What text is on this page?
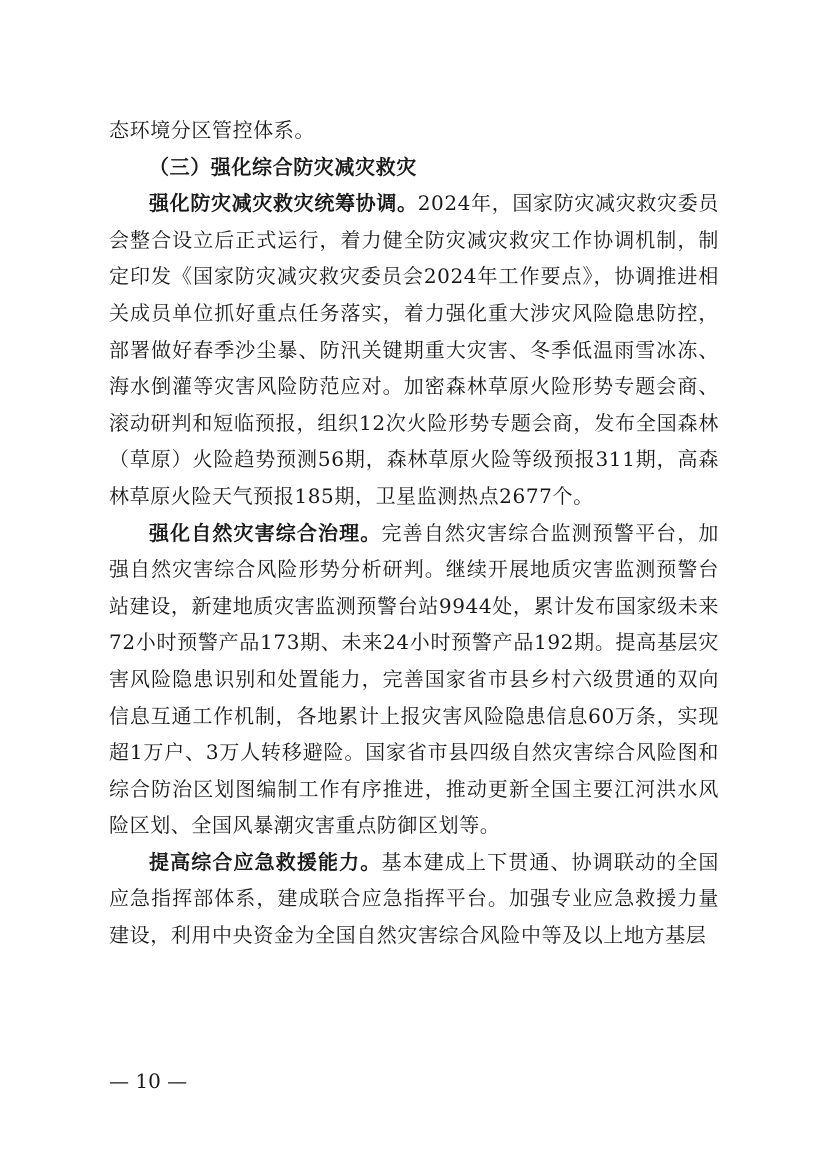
态环境分区管控体系。

（三）强化综合防灾减灾救灾

强化防灾减灾救灾统筹协调。2024年，国家防灾减灾救灾委员会整合设立后正式运行，着力健全防灾减灾救灾工作协调机制，制定印发《国家防灾减灾救灾委员会2024年工作要点》，协调推进相关成员单位抓好重点任务落实，着力强化重大涉灾风险隐患防控，部署做好春季沙尘暴、防汛关键期重大灾害、冬季低温雨雪冰冻、海水倒灌等灾害风险防范应对。加密森林草原火险形势专题会商、滚动研判和短临预报，组织12次火险形势专题会商，发布全国森林（草原）火险趋势预测56期，森林草原火险等级预报311期，高森林草原火险天气预报185期，卫星监测热点2677个。

强化自然灾害综合治理。完善自然灾害综合监测预警平台，加强自然灾害综合风险形势分析研判。继续开展地质灾害监测预警台站建设，新建地质灾害监测预警台站9944处，累计发布国家级未来72小时预警产品173期、未来24小时预警产品192期。提高基层灾害风险隐患识别和处置能力，完善国家省市县乡村六级贯通的双向信息互通工作机制，各地累计上报灾害风险隐患信息60万条，实现超1万户、3万人转移避险。国家省市县四级自然灾害综合风险图和综合防治区划图编制工作有序推进，推动更新全国主要江河洪水风险区划、全国风暴潮灾害重点防御区划等。

提高综合应急救援能力。基本建成上下贯通、协调联动的全国应急指挥部体系，建成联合应急指挥平台。加强专业应急救援力量建设，利用中央资金为全国自然灾害综合风险中等及以上地方基层

— 10 —
